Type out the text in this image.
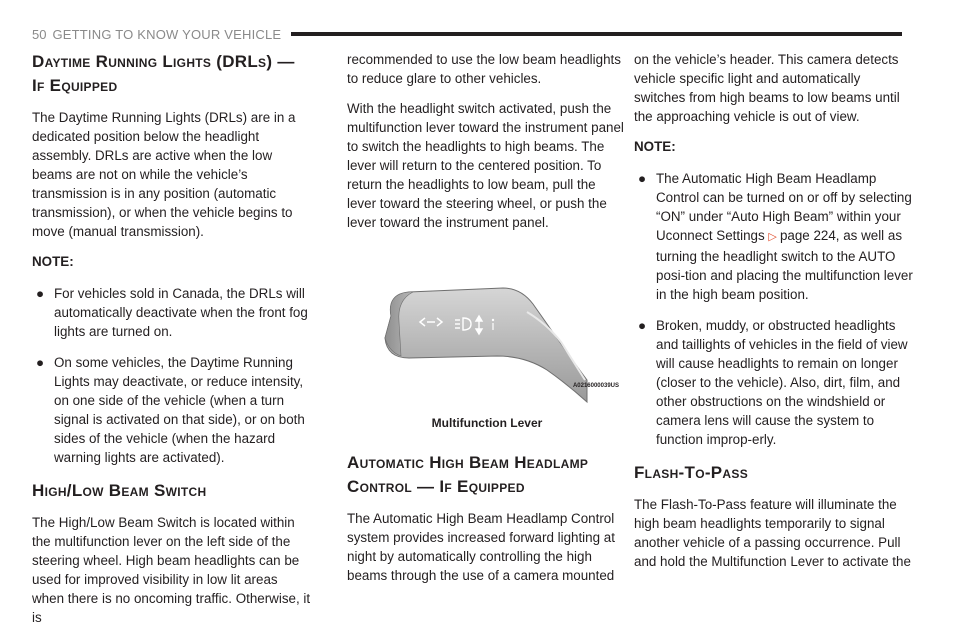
50 GETTING TO KNOW YOUR VEHICLE
Daytime Running Lights (DRLs) — If Equipped

The Daytime Running Lights (DRLs) are in a dedicated position below the headlight assembly. DRLs are active when the low beams are not on while the vehicle’s transmission is in any position (automatic transmission), or when the vehicle begins to move (manual transmission).

NOTE:

● For vehicles sold in Canada, the DRLs will automatically deactivate when the front fog lights are turned on.
● On some vehicles, the Daytime Running Lights may deactivate, or reduce intensity, on one side of the vehicle (when a turn signal is activated on that side), or on both sides of the vehicle (when the hazard warning lights are activated).
High/Low Beam Switch

The High/Low Beam Switch is located within the multifunction lever on the left side of the steering wheel. High beam headlights can be used for improved visibility in low lit areas when there is no oncoming traffic. Otherwise, it is

recommended to use the low beam headlights to reduce glare to other vehicles.

With the headlight switch activated, push the multifunction lever toward the instrument panel to switch the headlights to high beams. The lever will return to the centered position. To return the headlights to low beam, pull the lever toward the steering wheel, or push the lever toward the instrument panel.

A0216000039US
Multifunction Lever
Automatic High Beam Headlamp Control — If Equipped

The Automatic High Beam Headlamp Control system provides increased forward lighting at night by automatically controlling the high beams through the use of a camera mounted

on the vehicle’s header. This camera detects vehicle specific light and automatically switches from high beams to low beams until the approaching vehicle is out of view.

NOTE:

● The Automatic High Beam Headlamp Control can be turned on or off by selecting “ON” under “Auto High Beam” within your Uconnect Settings ▷ page 224, as well as turning the headlight switch to the AUTO posi-tion and placing the multifunction lever in the high beam position.
● Broken, muddy, or obstructed headlights and taillights of vehicles in the field of view will cause headlights to remain on longer (closer to the vehicle). Also, dirt, film, and other obstructions on the windshield or camera lens will cause the system to function improp-erly.
Flash-To-Pass

The Flash-To-Pass feature will illuminate the high beam headlights temporarily to signal another vehicle of a passing occurrence. Pull and hold the Multifunction Lever to activate the
